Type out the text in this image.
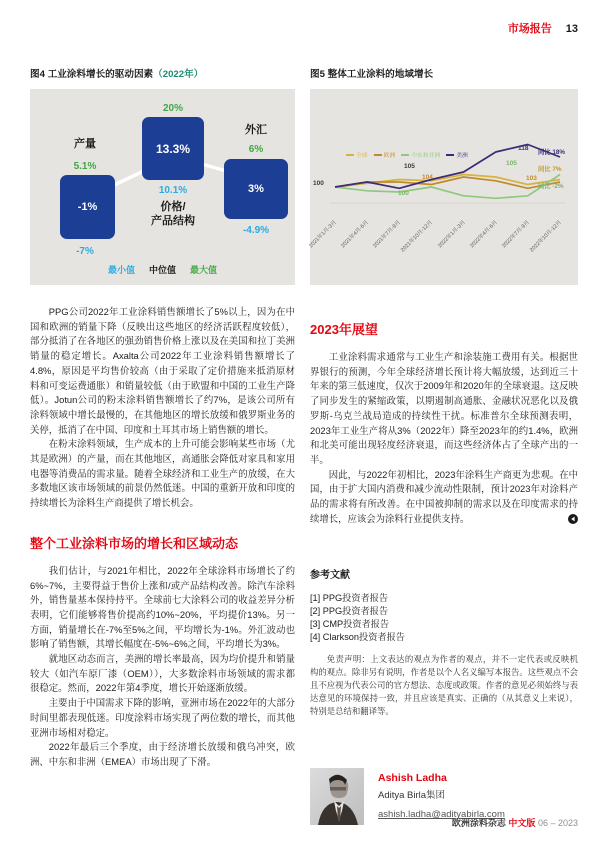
市场报告 13

图4 工业涂料增长的驱动因素（2022年）

产量
5.1%
-1%
-7%
20%
13.3%
10.1%
价格/
产品结构
外汇
6%
3%
-4.9%
最小值 中位值 最大值

PPG公司2022年工业涂料销售额增长了5%以上，因为在中国和欧洲的销量下降（反映出这些地区的经济活跃程度较低），部分抵消了在各地区的强劲销售价格上涨以及在美国和拉丁美洲销量的稳定增长。Axalta公司2022年工业涂料销售额增长了4.8%，原因是平均售价较高（由于采取了定价措施来抵消原材料和可变运费通胀）和销量较低（由于欧盟和中国的工业生产降低）。Jotun公司的粉末涂料销售额增长了约7%，是该公司所有涂料领域中增长最慢的，在其他地区的增长放缓和俄罗斯业务的关停，抵消了在中国、印度和土耳其市场上销售额的增长。

在粉末涂料领域，生产成本的上升可能会影响某些市场（尤其是欧洲）的产量，而在其他地区，高通胀会降低对家具和家用电器等消费品的需求量。随着全球经济和工业生产的放缓，在大多数地区该市场领域的前景仍然低迷。中国的重新开放和印度的持续增长为涂料生产商提供了增长机会。

整个工业涂料市场的增长和区域动态

我们估计，与2021年相比，2022年全球涂料市场增长了约6%~7%，主要得益于售价上涨和/或产品结构改善。除汽车涂料外，销售量基本保持持平。全球前七大涂料公司的收益差异分析表明，它们能够将售价提高约10%~20%，平均提价13%。另一方面，销量增长在-7%至5%之间，平均增长为-1%。外汇波动也影响了销售额，其增长幅度在-5%~6%之间，平均增长为3%。

就地区动态而言，美洲的增长率最高，因为均价提升和销量较大（如汽车原厂漆（OEM）），大多数涂料市场领域的需求都很稳定。然而，2022年第4季度，增长开始逐渐放缓。

主要由于中国需求下降的影响，亚洲市场在2022年的大部分时间里都表现低迷。印度涂料市场实现了两位数的增长，而其他亚洲市场相对稳定。

2022年最后三个季度，由于经济增长放缓和俄乌冲突，欧洲、中东和非洲（EMEA）市场出现了下滑。

图5 整体工业涂料的地域增长

全球	欧洲	中东和非洲	美洲
2021年1月-3月 2021年4月-6月 2021年7月-9月
2021年10月-12月 2022年1月-3月 2022年4月-6月 2022年7月-9月
2022年10月-12月
100
105
104
100
118
105
103
同比 18%
同比 7%
同比 -2%
2023年展望

工业涂料需求通常与工业生产和涂装施工费用有关。根据世界银行的预测，今年全球经济增长预计将大幅放缓，达到近三十年来的第三低速度，仅次于2009年和2020年的全球衰退。这反映了同步发生的紧缩政策，以期遏制高通胀、金融状况恶化以及俄罗斯-乌克兰战局造成的持续性干扰。标准普尔全球预测表明，2023年工业生产将从3%（2022年）降至2023年的约1.4%，欧洲和北美可能出现轻度经济衰退，而这些经济体占了全球产出的一半。

因此，与2022年初相比，2023年涂料生产商更为悲观。在中国，由于扩大国内消费和减少流动性限制，预计2023年对涂料产品的需求将有所改善。在中国被抑制的需求以及在印度需求的持续增长，应该会为涂料行业提供支持。

参考文献

[1] PPG投资者报告

[2] PPG投资者报告

[3] CMP投资者报告

[4] Clarkson投资者报告

免责声明：上文表达的观点为作者的观点，并不一定代表或反映机构的观点。除非另有说明，作者是以个人名义编写本报告。这些观点不会且不应视为代表公司的官方想法、态度或政策。作者的意见必须始终与表达意见的环境保持一致，并且应该是真实、正确的（从其意义上来说），特别是总结和翻译等。

Ashish Ladha

Aditya Birla集团

ashish.ladha@adityabirla.com
欧洲涂料杂志 中文版 06 – 2023
